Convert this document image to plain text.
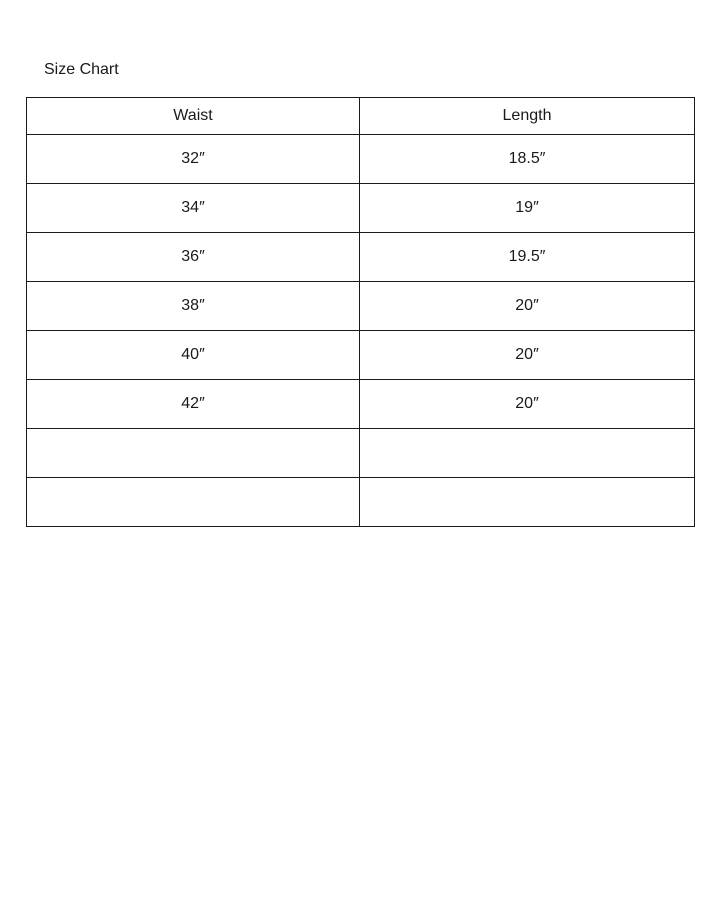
Size Chart
Waist	Length
32″	18.5″
34″	19″
36″	19.5″
38″	20″
40″	20″
42″	20″
